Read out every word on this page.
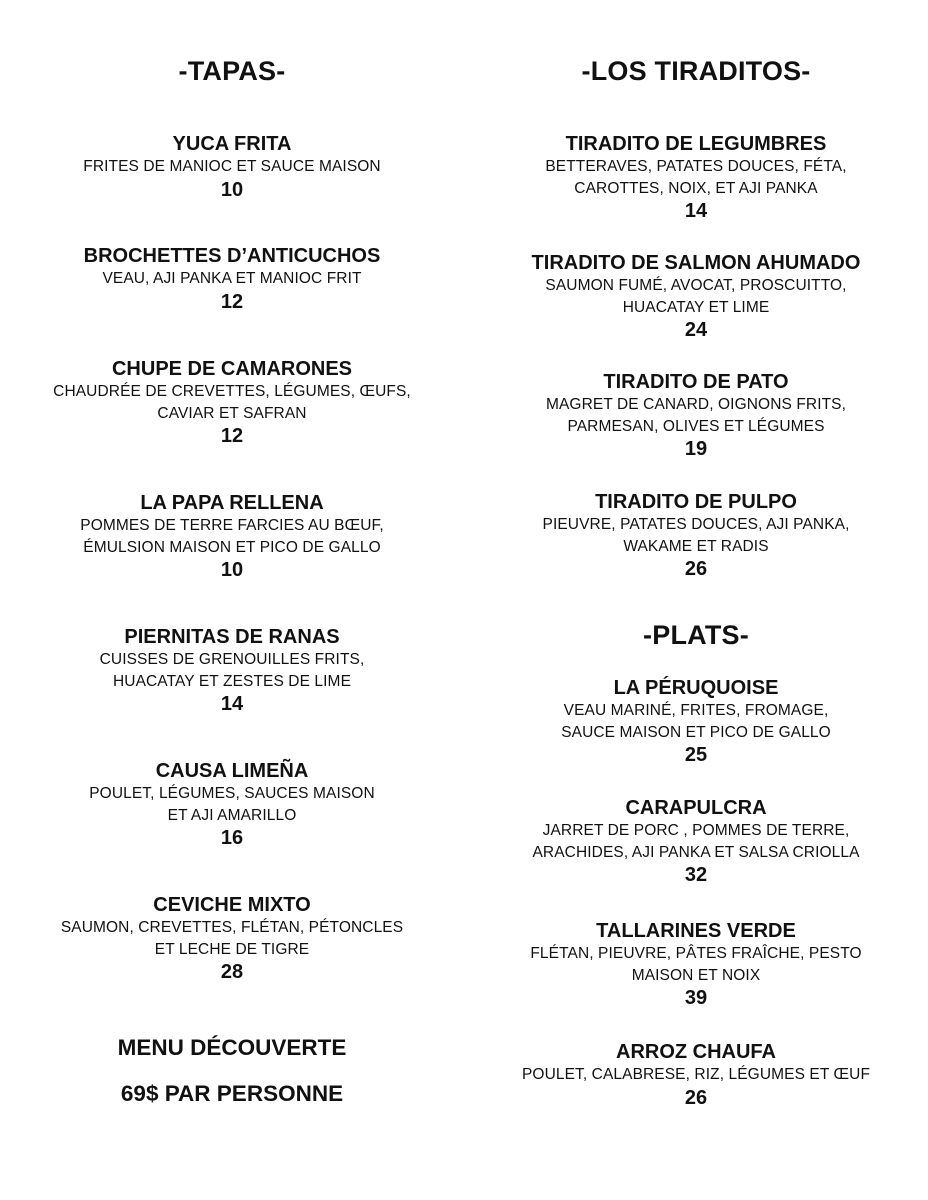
-TAPAS-
YUCA FRITA
FRITES DE MANIOC ET SAUCE MAISON
10
BROCHETTES D’ANTICUCHOS
VEAU, AJI PANKA ET MANIOC FRIT
12
CHUPE DE CAMARONES
CHAUDRÉE DE CREVETTES, LÉGUMES, ŒUFS,
CAVIAR ET SAFRAN
12
LA PAPA RELLENA
POMMES DE TERRE FARCIES AU BŒUF,
ÉMULSION MAISON ET PICO DE GALLO
10
PIERNITAS DE RANAS
CUISSES DE GRENOUILLES FRITS,
HUACATAY ET ZESTES DE LIME
14
CAUSA LIMEÑA
POULET, LÉGUMES, SAUCES MAISON
ET AJI AMARILLO
16
CEVICHE MIXTO
SAUMON, CREVETTES, FLÉTAN, PÉTONCLES
ET LECHE DE TIGRE
28
MENU DÉCOUVERTE
69$ PAR PERSONNE
-LOS TIRADITOS-
TIRADITO DE LEGUMBRES
BETTERAVES, PATATES DOUCES, FÉTA,
CAROTTES, NOIX, ET AJI PANKA
14
TIRADITO DE SALMON AHUMADO
SAUMON FUMÉ, AVOCAT, PROSCUITTO,
HUACATAY ET LIME
24
TIRADITO DE PATO
MAGRET DE CANARD, OIGNONS FRITS,
PARMESAN, OLIVES ET LÉGUMES
19
TIRADITO DE PULPO
PIEUVRE, PATATES DOUCES, AJI PANKA,
WAKAME ET RADIS
26
-PLATS-
LA PÉRUQUOISE
VEAU MARINÉ, FRITES, FROMAGE,
SAUCE MAISON ET PICO DE GALLO
25
CARAPULCRA
JARRET DE PORC , POMMES DE TERRE,
ARACHIDES, AJI PANKA ET SALSA CRIOLLA
32
TALLARINES VERDE
FLÉTAN, PIEUVRE, PÂTES FRAÎCHE, PESTO
MAISON ET NOIX
39
ARROZ CHAUFA
POULET, CALABRESE, RIZ, LÉGUMES ET ŒUF
26
